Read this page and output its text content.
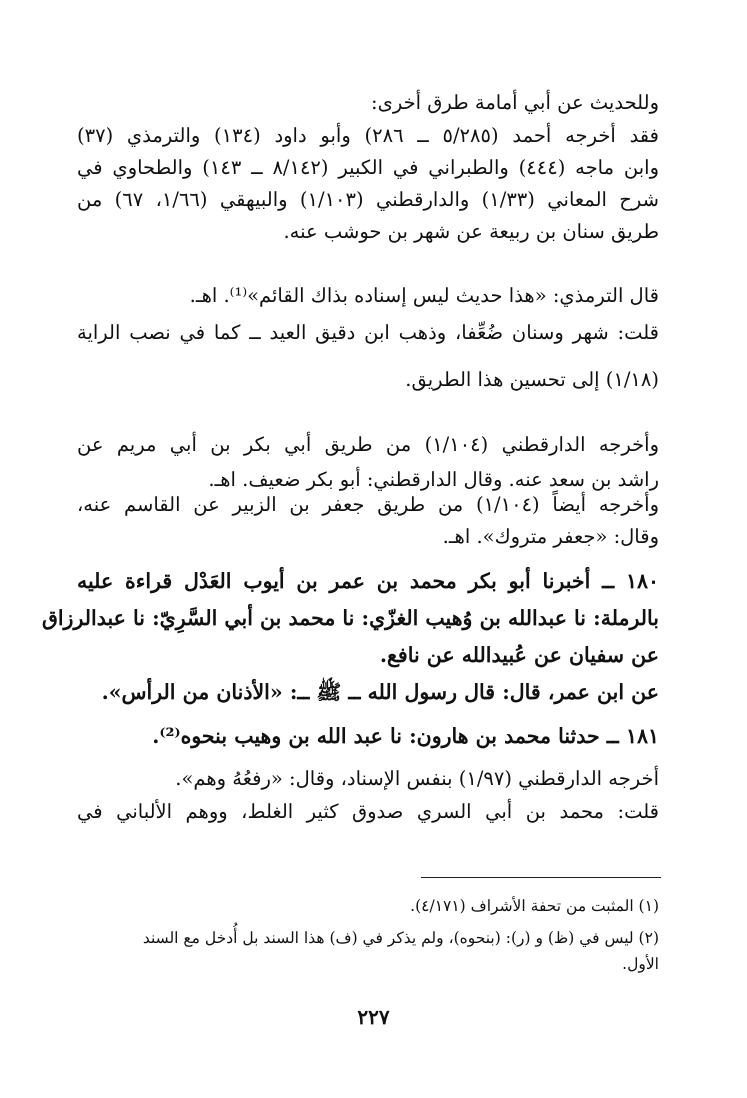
وللحديث عن أبي أمامة طرق أخرى:
فقد أخرجه أحمد (٥/٢٨٥ ــ ٢٨٦) وأبو داود (١٣٤) والترمذي (٣٧)
وابن ماجه (٤٤٤) والطبراني في الكبير (٨/١٤٢ ــ ١٤٣) والطحاوي في
شرح المعاني (١/٣٣) والدارقطني (١/١٠٣) والبيهقي (١/٦٦، ٦٧) من
طريق سنان بن ربيعة عن شهر بن حوشب عنه.
قال الترمذي: «هذا حديث ليس إسناده بذاك القائم»⁽¹⁾. اهـ.
قلت: شهر وسنان ضُعِّفا، وذهب ابن دقيق العيد ــ كما في نصب الراية
(١/١٨) إلى تحسين هذا الطريق.
وأخرجه الدارقطني (١/١٠٤) من طريق أبي بكر بن أبي مريم عن
راشد بن سعد عنه. وقال الدارقطني: أبو بكر ضعيف. اهـ.
وأخرجه أيضاً (١/١٠٤) من طريق جعفر بن الزبير عن القاسم عنه،
وقال: «جعفر متروك». اهـ.
١٨٠ ــ أخبرنا أبو بكر محمد بن عمر بن أيوب العَدْل قراءة عليه
بالرملة: نا عبدالله بن وُهيب الغزّي: نا محمد بن أبي السَّرِيّ: نا عبدالرزاق
عن سفيان عن عُبيدالله عن نافع.
عن ابن عمر، قال: قال رسول الله ــ ﷺ ــ: «الأذنان من الرأس».
١٨١ ــ حدثنا محمد بن هارون: نا عبد الله بن وهيب بنحوه⁽²⁾.
أخرجه الدارقطني (١/٩٧) بنفس الإسناد، وقال: «رفعُهُ وهم».
قلت: محمد بن أبي السري صدوق كثير الغلط، ووهم الألباني في
(١) المثبت من تحفة الأشراف (٤/١٧١).
(٢) ليس في (ظ) و (ر): (بنحوه)، ولم يذكر في (ف) هذا السند بل أُدخل مع السند
الأول.
٢٢٧
